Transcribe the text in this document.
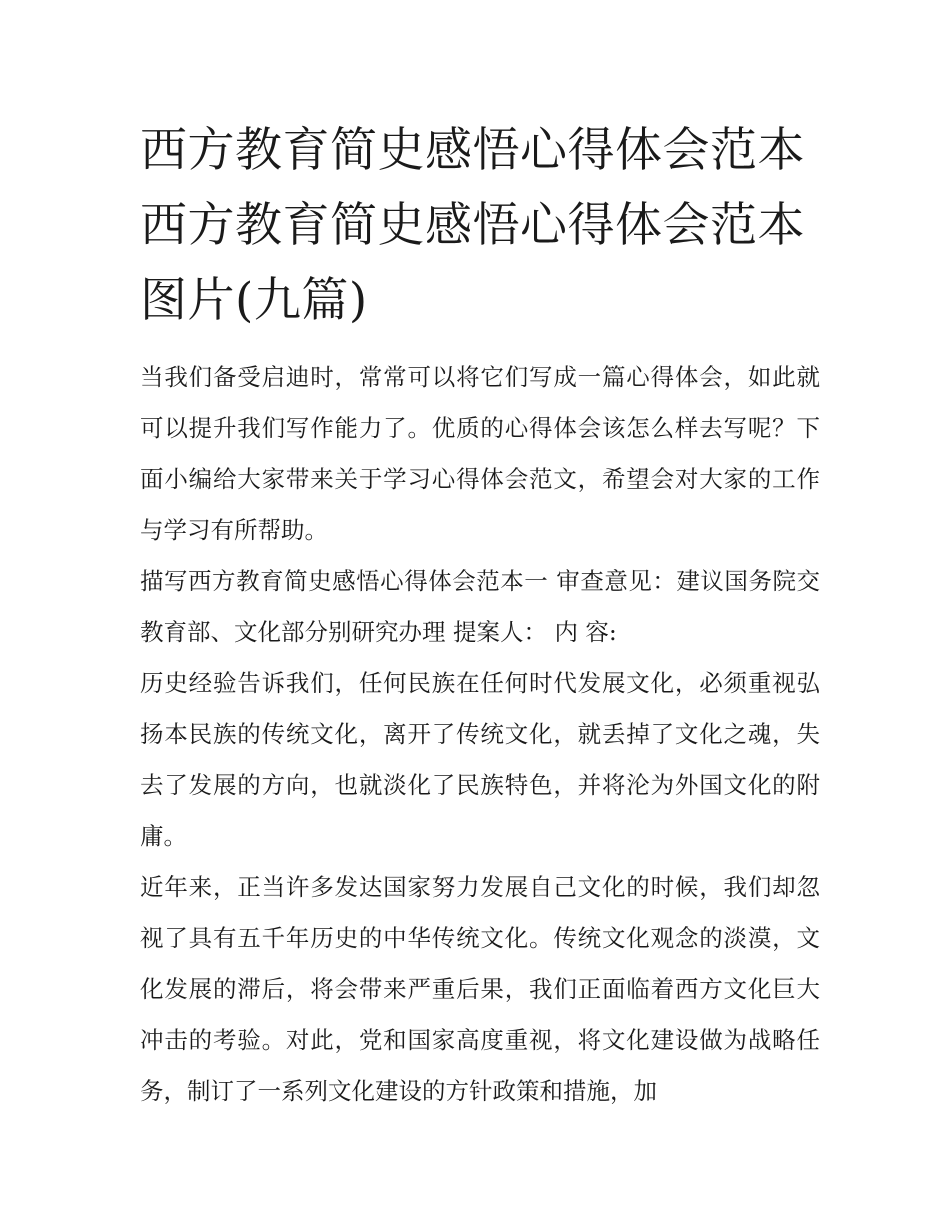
西方教育简史感悟心得体会范本 西方教育简史感悟心得体会范本图片(九篇)

当我们备受启迪时，常常可以将它们写成一篇心得体会，如此就可以提升我们写作能力了。优质的心得体会该怎么样去写呢？下面小编给大家带来关于学习心得体会范文，希望会对大家的工作与学习有所帮助。

描写西方教育简史感悟心得体会范本一 审查意见：建议国务院交教育部、文化部分别研究办理 提案人： 内 容:

历史经验告诉我们，任何民族在任何时代发展文化，必须重视弘扬本民族的传统文化，离开了传统文化，就丢掉了文化之魂，失去了发展的方向，也就淡化了民族特色，并将沦为外国文化的附庸。

近年来，正当许多发达国家努力发展自己文化的时候，我们却忽视了具有五千年历史的中华传统文化。传统文化观念的淡漠，文化发展的滞后，将会带来严重后果，我们正面临着西方文化巨大冲击的考验。对此，党和国家高度重视，将文化建设做为战略任务，制订了一系列文化建设的方针政策和措施，加
